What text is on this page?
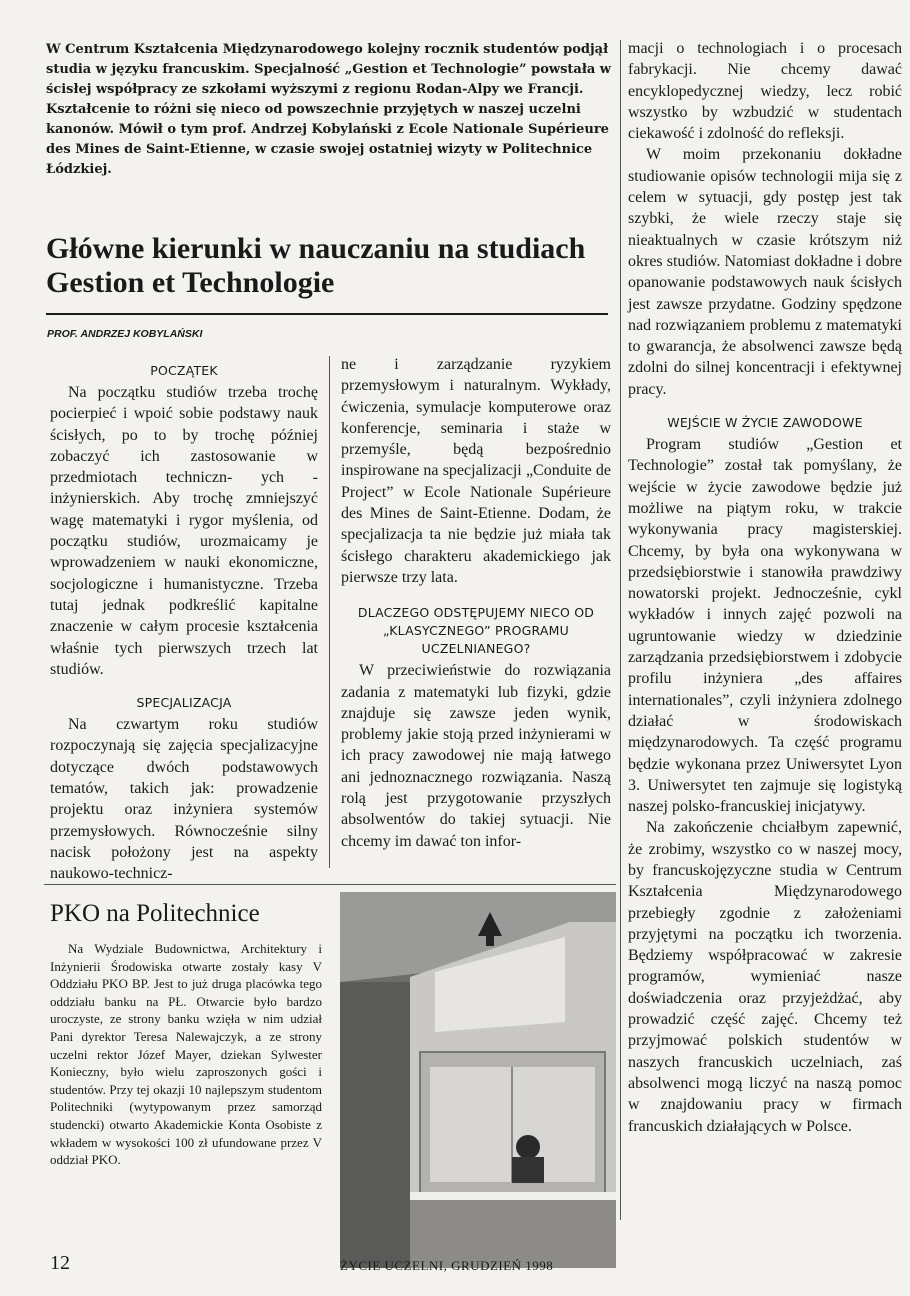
W Centrum Kształcenia Międzynarodowego kolejny rocznik studentów podjął studia w języku francuskim. Specjalność „Gestion et Technologie” powstała w ścisłej współpracy ze szkołami wyższymi z regionu Rodan-Alpy we Francji. Kształcenie to różni się nieco od powszechnie przyjętych w naszej uczelni kanonów. Mówił o tym prof. Andrzej Kobylański z Ecole Nationale Supérieure des Mines de Saint-Etienne, w czasie swojej ostatniej wizyty w Politechnice Łódzkiej.

Główne kierunki w nauczaniu na studiach Gestion et Technologie

PROF. ANDRZEJ KOBYLAŃSKI

POCZĄTEK

Na początku studiów trzeba trochę pocierpieć i wpoić sobie podstawy nauk ścisłych, po to by trochę później zobaczyć ich zastosowanie w przedmiotach techniczn- ych - inżynierskich. Aby trochę zmniejszyć wagę matematyki i rygor myślenia, od początku studiów, urozmaicamy je wprowadzeniem w nauki ekonomiczne, socjologiczne i humanistyczne. Trzeba tutaj jednak podkreślić kapitalne znaczenie w całym procesie kształcenia właśnie tych pierwszych trzech lat studiów.

SPECJALIZACJA

Na czwartym roku studiów rozpoczynają się zajęcia specjalizacyjne dotyczące dwóch podstawowych tematów, takich jak: prowadzenie projektu oraz inżyniera systemów przemysłowych. Równocześnie silny nacisk położony jest na aspekty naukowo-technicz-

ne i zarządzanie ryzykiem przemysłowym i naturalnym. Wykłady, ćwiczenia, symulacje komputerowe oraz konferencje, seminaria i staże w przemyśle, będą bezpośrednio inspirowane na specjalizacji „Conduite de Project” w Ecole Nationale Supérieure des Mines de Saint-Etienne. Dodam, że specjalizacja ta nie będzie już miała tak ścisłego charakteru akademickiego jak pierwsze trzy lata.

DLACZEGO ODSTĘPUJEMY NIECO OD „KLASYCZNEGO” PROGRAMU UCZELNIANEGO?

W przeciwieństwie do rozwiązania zadania z matematyki lub fizyki, gdzie znajduje się zawsze jeden wynik, problemy jakie stoją przed inżynierami w ich pracy zawodowej nie mają łatwego ani jednoznacznego rozwiązania. Naszą rolą jest przygotowanie przyszłych absolwentów do takiej sytuacji. Nie chcemy im dawać ton infor-

macji o technologiach i o procesach fabrykacji. Nie chcemy dawać encyklopedycznej wiedzy, lecz robić wszystko by wzbudzić w studentach ciekawość i zdolność do refleksji.

W moim przekonaniu dokładne studiowanie opisów technologii mija się z celem w sytuacji, gdy postęp jest tak szybki, że wiele rzeczy staje się nieaktualnych w czasie krótszym niż okres studiów. Natomiast dokładne i dobre opanowanie podstawowych nauk ścisłych jest zawsze przydatne. Godziny spędzone nad rozwiązaniem problemu z matematyki to gwarancja, że absolwenci zawsze będą zdolni do silnej koncentracji i efektywnej pracy.

WEJŚCIE W ŻYCIE ZAWODOWE

Program studiów „Gestion et Technologie” został tak pomyślany, że wejście w życie zawodowe będzie już możliwe na piątym roku, w trakcie wykonywania pracy magisterskiej. Chcemy, by była ona wykonywana w przedsiębiorstwie i stanowiła prawdziwy nowatorski projekt. Jednocześnie, cykl wykładów i innych zajęć pozwoli na ugruntowanie wiedzy w dziedzinie zarządzania przedsiębiorstwem i zdobycie profilu inżyniera „des affaires internationales”, czyli inżyniera zdolnego działać w środowiskach międzynarodowych. Ta część programu będzie wykonana przez Uniwersytet Lyon 3. Uniwersytet ten zajmuje się logistyką naszej polsko-francuskiej inicjatywy.

Na zakończenie chciałbym zapewnić, że zrobimy, wszystko co w naszej mocy, by francuskojęzyczne studia w Centrum Kształcenia Międzynarodowego przebiegły zgodnie z założeniami przyjętymi na początku ich tworzenia. Będziemy współpracować w zakresie programów, wymieniać nasze doświadczenia oraz przyjeżdżać, aby prowadzić część zajęć. Chcemy też przyjmować polskich studentów w naszych francuskich uczelniach, zaś absolwenci mogą liczyć na naszą pomoc w znajdowaniu pracy w firmach francuskich działających w Polsce.

PKO na Politechnice

Na Wydziale Budownictwa, Architektury i Inżynierii Środowiska otwarte zostały kasy V Oddziału PKO BP. Jest to już druga placówka tego oddziału banku na PŁ. Otwarcie było bardzo uroczyste, ze strony banku wzięła w nim udział Pani dyrektor Teresa Nalewajczyk, a ze strony uczelni rektor Józef Mayer, dziekan Sylwester Konieczny, było wielu zaproszonych gości i studentów. Przy tej okazji 10 najlepszym studentom Politechniki (wytypowanym przez samorząd studencki) otwarto Akademickie Konta Osobiste z wkładem w wysokości 100 zł ufundowane przez V oddział PKO.

12	ŻYCIE UCZELNI, GRUDZIEŃ 1998
